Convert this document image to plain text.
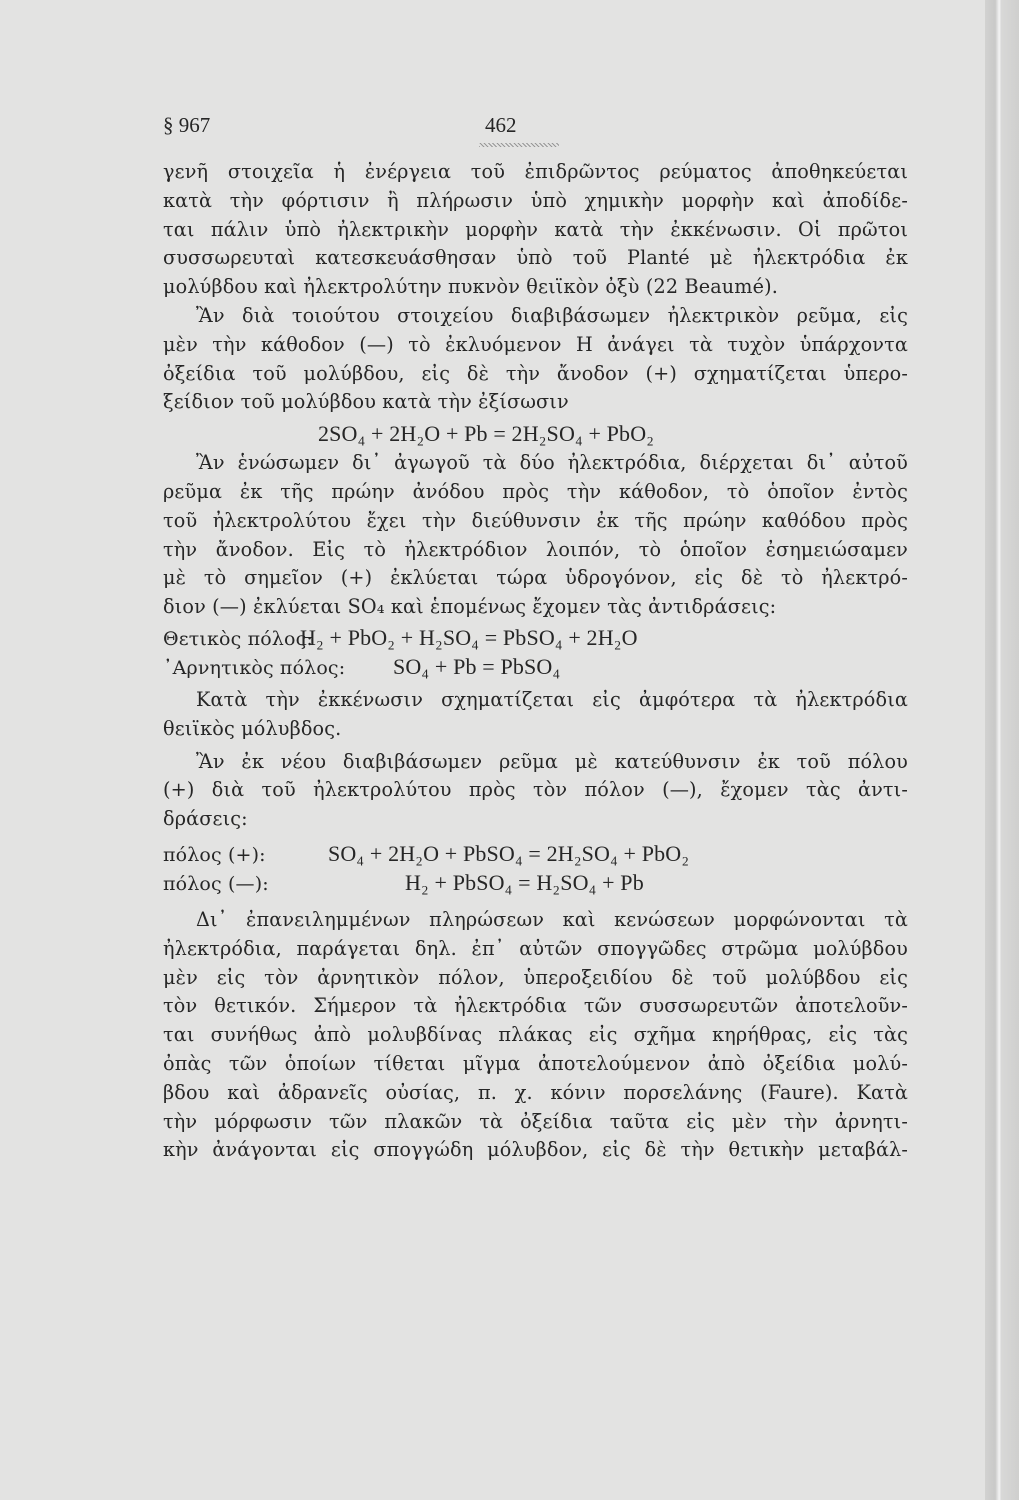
§ 967	462
γενῆ στοιχεῖα ἡ ἐνέργεια τοῦ ἐπιδρῶντος ρεύματος ἀποθηκεύεται
κατὰ τὴν φόρτισιν ἢ πλήρωσιν ὑπὸ χημικὴν μορφὴν καὶ ἀποδίδε-
ται πάλιν ὑπὸ ἠλεκτρικὴν μορφὴν κατὰ τὴν ἐκκένωσιν. Οἱ πρῶτοι
συσσωρευταὶ κατεσκευάσθησαν ὑπὸ τοῦ Planté μὲ ἠλεκτρόδια ἐκ
μολύβδου καὶ ἠλεκτρολύτην πυκνὸν θειϊκὸν ὀξὺ (22 Beaumé).
Ἂν διὰ τοιούτου στοιχείου διαβιβάσωμεν ἠλεκτρικὸν ρεῦμα, εἰς
μὲν τὴν κάθοδον (—) τὸ ἐκλυόμενον H ἀνάγει τὰ τυχὸν ὑπάρχοντα
ὀξείδια τοῦ μολύβδου, εἰς δὲ τὴν ἄνοδον (+) σχηματίζεται ὑπερο-
ξείδιον τοῦ μολύβδου κατὰ τὴν ἐξίσωσιν
2SO₄ + 2H₂O + Pb = 2H₂SO₄ + PbO₂
Ἂν ἑνώσωμεν δι᾽ ἀγωγοῦ τὰ δύο ἠλεκτρόδια, διέρχεται δι᾽ αὐτοῦ
ρεῦμα ἐκ τῆς πρώην ἀνόδου πρὸς τὴν κάθοδον, τὸ ὁποῖον ἐντὸς
τοῦ ἠλεκτρολύτου ἔχει τὴν διεύθυνσιν ἐκ τῆς πρώην καθόδου πρὸς
τὴν ἄνοδον. Εἰς τὸ ἠλεκτρόδιον λοιπόν, τὸ ὁποῖον ἐσημειώσαμεν
μὲ τὸ σημεῖον (+) ἐκλύεται τώρα ὑδρογόνον, εἰς δὲ τὸ ἠλεκτρό-
διον (—) ἐκλύεται SO₄ καὶ ἑπομένως ἔχομεν τὰς ἀντιδράσεις:
Θετικὸς πόλος:H₂ + PbO₂ + H₂SO₄ = PbSO₄ + 2H₂O
᾽Αρνητικὸς πόλος: SO₄ + Pb = PbSO₄
Κατὰ τὴν ἐκκένωσιν σχηματίζεται εἰς ἀμφότερα τὰ ἠλεκτρόδια
θειϊκὸς μόλυβδος.
Ἂν ἐκ νέου διαβιβάσωμεν ρεῦμα μὲ κατεύθυνσιν ἐκ τοῦ πόλου
(+) διὰ τοῦ ἠλεκτρολύτου πρὸς τὸν πόλον (—), ἔχομεν τὰς ἀντι-
δράσεις:
πόλος (+):	SO₄ + 2H₂O + PbSO₄ = 2H₂SO₄ + PbO₂
πόλος (—):	H₂ + PbSO₄ = H₂SO₄ + Pb
Δι᾽ ἐπανειλημμένων πληρώσεων καὶ κενώσεων μορφώνονται τὰ
ἠλεκτρόδια, παράγεται δηλ. ἐπ᾽ αὐτῶν σπογγῶδες στρῶμα μολύβδου
μὲν εἰς τὸν ἀρνητικὸν πόλον, ὑπεροξειδίου δὲ τοῦ μολύβδου εἰς
τὸν θετικόν. Σήμερον τὰ ἠλεκτρόδια τῶν συσσωρευτῶν ἀποτελοῦν-
ται συνήθως ἀπὸ μολυβδίνας πλάκας εἰς σχῆμα κηρήθρας, εἰς τὰς
ὀπὰς τῶν ὁποίων τίθεται μῖγμα ἀποτελούμενον ἀπὸ ὀξείδια μολύ-
βδου καὶ ἀδρανεῖς οὐσίας, π. χ. κόνιν πορσελάνης (Faure). Κατὰ
τὴν μόρφωσιν τῶν πλακῶν τὰ ὀξείδια ταῦτα εἰς μὲν τὴν ἀρνητι-
κὴν ἀνάγονται εἰς σπογγώδη μόλυβδον, εἰς δὲ τὴν θετικὴν μεταβάλ-
